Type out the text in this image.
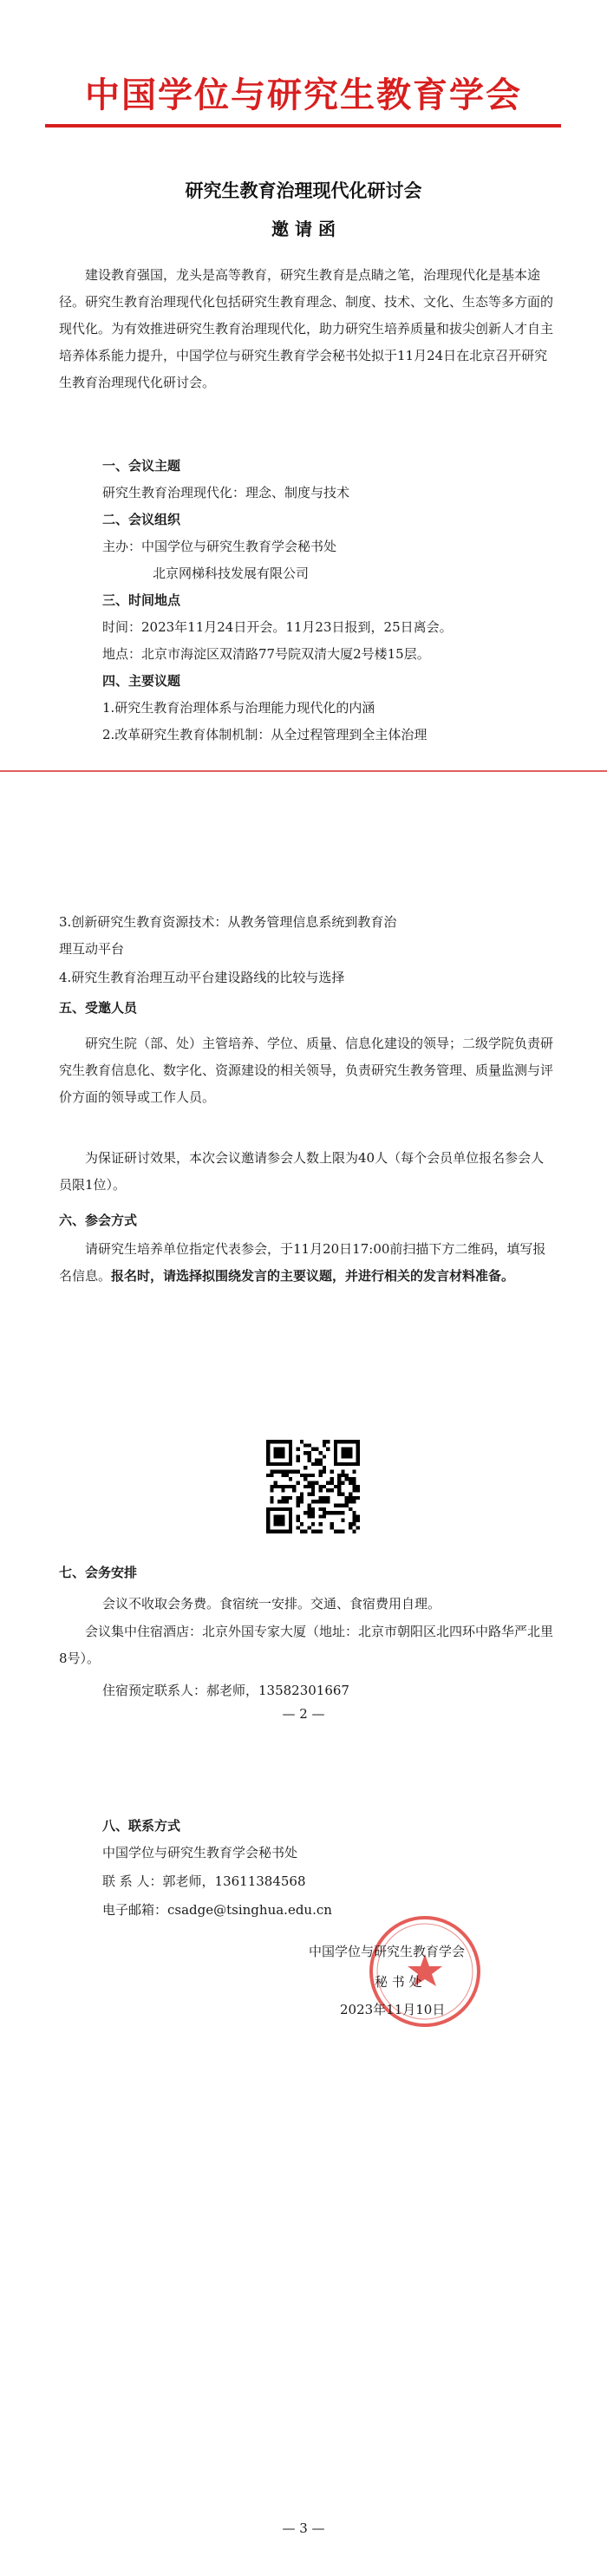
中国学位与研究生教育学会
研究生教育治理现代化研讨会
邀 请 函

建设教育强国，龙头是高等教育，研究生教育是点睛之笔，治理现代化是基本途径。研究生教育治理现代化包括研究生教育理念、制度、技术、文化、生态等多方面的现代化。为有效推进研究生教育治理现代化，助力研究生培养质量和拔尖创新人才自主培养体系能力提升，中国学位与研究生教育学会秘书处拟于11月24日在北京召开研究生教育治理现代化研讨会。

一、会议主题
研究生教育治理现代化：理念、制度与技术
二、会议组织
主办：中国学位与研究生教育学会秘书处
北京网梯科技发展有限公司
三、时间地点
时间：2023年11月24日开会。11月23日报到，25日离会。
地点：北京市海淀区双清路77号院双清大厦2号楼15层。
四、主要议题
1.研究生教育治理体系与治理能力现代化的内涵
2.改革研究生教育体制机制：从全过程管理到全主体治理
3.创新研究生教育资源技术：从教务管理信息系统到教育治
理互动平台
4.研究生教育治理互动平台建设路线的比较与选择
五、受邀人员

研究生院（部、处）主管培养、学位、质量、信息化建设的领导；二级学院负责研究生教育信息化、数字化、资源建设的相关领导，负责研究生教务管理、质量监测与评价方面的领导或工作人员。

为保证研讨效果，本次会议邀请参会人数上限为40人（每个会员单位报名参会人员限1位）。

六、参会方式

请研究生培养单位指定代表参会，于11月20日17:00前扫描下方二维码，填写报名信息。报名时，请选择拟围绕发言的主要议题，并进行相关的发言材料准备。

七、会务安排
会议不收取会务费。食宿统一安排。交通、食宿费用自理。

会议集中住宿酒店：北京外国专家大厦（地址：北京市朝阳区北四环中路华严北里8号）。

住宿预定联系人：郝老师，13582301667
— 2 —
八、联系方式
中国学位与研究生教育学会秘书处
联 系 人：郭老师，13611384568
电子邮箱：csadge@tsinghua.edu.cn
中国学位与研究生教育学会
秘 书 处
2023年11月10日
— 3 —
